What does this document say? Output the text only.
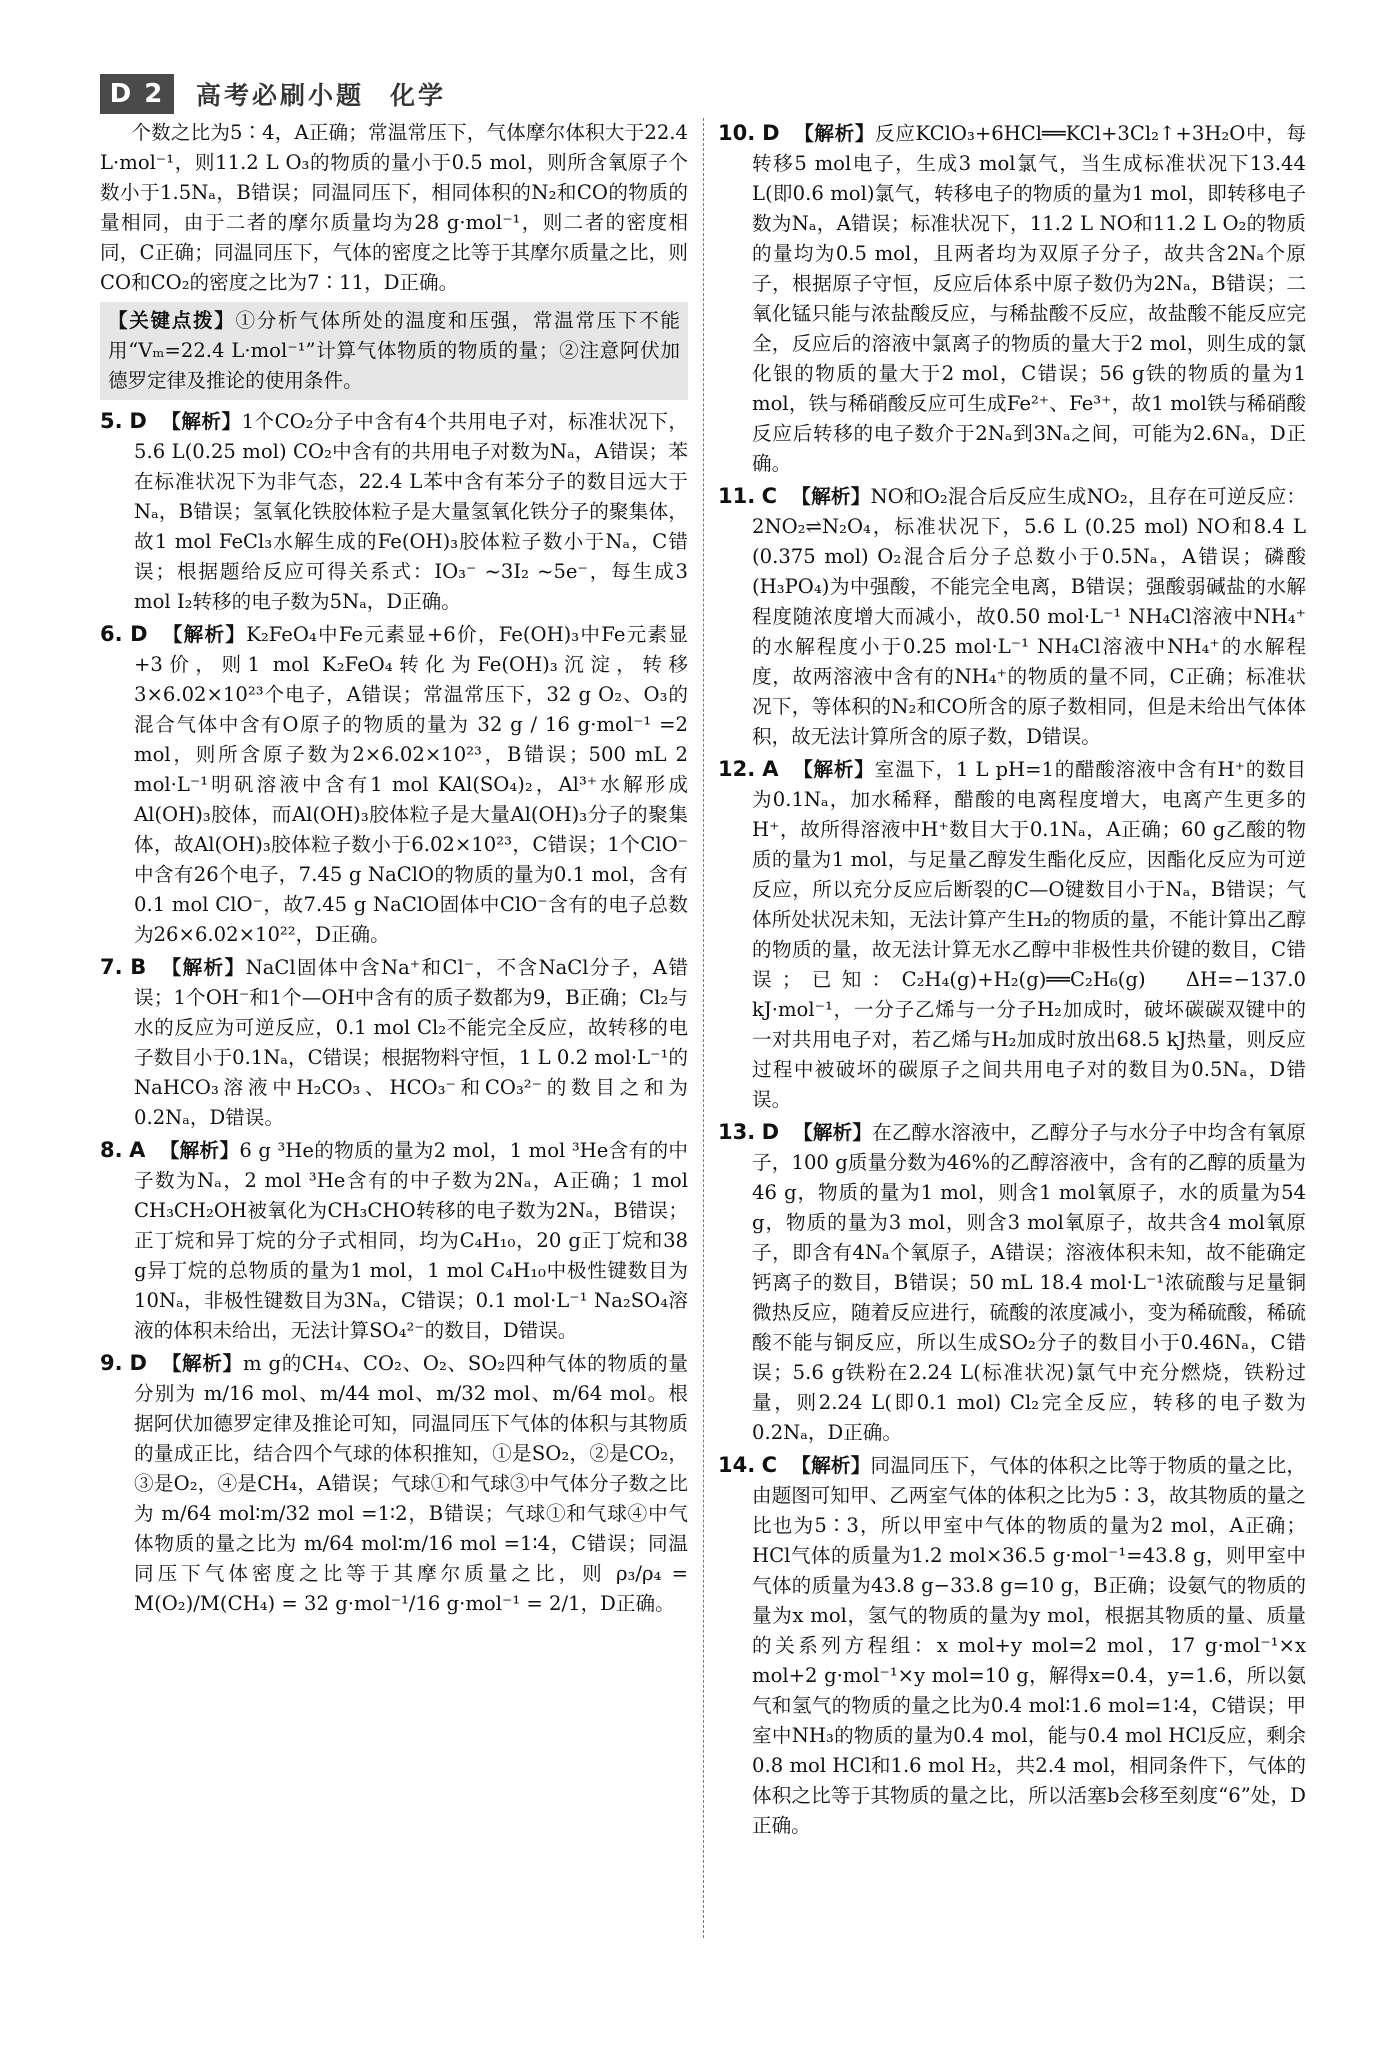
D 2	高考必刷小题 化学
个数之比为5∶4，A正确；常温常压下，气体摩尔体积大于22.4 L·mol⁻¹，则11.2 L O₃的物质的量小于0.5 mol，则所含氧原子个数小于1.5Nₐ，B错误；同温同压下，相同体积的N₂和CO的物质的量相同，由于二者的摩尔质量均为28 g·mol⁻¹，则二者的密度相同，C正确；同温同压下，气体的密度之比等于其摩尔质量之比，则CO和CO₂的密度之比为7∶11，D正确。
【关键点拨】①分析气体所处的温度和压强，常温常压下不能用“Vₘ=22.4 L·mol⁻¹”计算气体物质的物质的量；②注意阿伏加德罗定律及推论的使用条件。
5. D 【解析】1个CO₂分子中含有4个共用电子对，标准状况下，5.6 L(0.25 mol) CO₂中含有的共用电子对数为Nₐ，A错误；苯在标准状况下为非气态，22.4 L苯中含有苯分子的数目远大于Nₐ，B错误；氢氧化铁胶体粒子是大量氢氧化铁分子的聚集体，故1 mol FeCl₃水解生成的Fe(OH)₃胶体粒子数小于Nₐ，C错误；根据题给反应可得关系式：IO₃⁻ ~3I₂ ~5e⁻，每生成3 mol I₂转移的电子数为5Nₐ，D正确。
6. D 【解析】K₂FeO₄中Fe元素显+6价，Fe(OH)₃中Fe元素显+3价，则1 mol K₂FeO₄转化为Fe(OH)₃沉淀，转移3×6.02×10²³个电子，A错误；常温常压下，32 g O₂、O₃的混合气体中含有O原子的物质的量为 32 g / 16 g·mol⁻¹ =2 mol，则所含原子数为2×6.02×10²³，B错误；500 mL 2 mol·L⁻¹明矾溶液中含有1 mol KAl(SO₄)₂，Al³⁺水解形成Al(OH)₃胶体，而Al(OH)₃胶体粒子是大量Al(OH)₃分子的聚集体，故Al(OH)₃胶体粒子数小于6.02×10²³，C错误；1个ClO⁻中含有26个电子，7.45 g NaClO的物质的量为0.1 mol，含有0.1 mol ClO⁻，故7.45 g NaClO固体中ClO⁻含有的电子总数为26×6.02×10²²，D正确。
7. B 【解析】NaCl固体中含Na⁺和Cl⁻，不含NaCl分子，A错误；1个OH⁻和1个—OH中含有的质子数都为9，B正确；Cl₂与水的反应为可逆反应，0.1 mol Cl₂不能完全反应，故转移的电子数目小于0.1Nₐ，C错误；根据物料守恒，1 L 0.2 mol·L⁻¹的NaHCO₃溶液中H₂CO₃、HCO₃⁻和CO₃²⁻的数目之和为0.2Nₐ，D错误。
8. A 【解析】6 g ³He的物质的量为2 mol，1 mol ³He含有的中子数为Nₐ，2 mol ³He含有的中子数为2Nₐ，A正确；1 mol CH₃CH₂OH被氧化为CH₃CHO转移的电子数为2Nₐ，B错误；正丁烷和异丁烷的分子式相同，均为C₄H₁₀，20 g正丁烷和38 g异丁烷的总物质的量为1 mol，1 mol C₄H₁₀中极性键数目为10Nₐ，非极性键数目为3Nₐ，C错误；0.1 mol·L⁻¹ Na₂SO₄溶液的体积未给出，无法计算SO₄²⁻的数目，D错误。
9. D 【解析】m g的CH₄、CO₂、O₂、SO₂四种气体的物质的量分别为 m/16 mol、m/44 mol、m/32 mol、m/64 mol。根据阿伏加德罗定律及推论可知，同温同压下气体的体积与其物质的量成正比，结合四个气球的体积推知，①是SO₂，②是CO₂，③是O₂，④是CH₄，A错误；气球①和气球③中气体分子数之比为 m/64 mol∶m/32 mol =1∶2，B错误；气球①和气球④中气体物质的量之比为 m/64 mol∶m/16 mol =1∶4，C错误；同温同压下气体密度之比等于其摩尔质量之比，则 ρ₃/ρ₄ = M(O₂)/M(CH₄) = 32 g·mol⁻¹/16 g·mol⁻¹ = 2/1，D正确。
10. D 【解析】反应KClO₃+6HCl══KCl+3Cl₂↑+3H₂O中，每转移5 mol电子，生成3 mol氯气，当生成标准状况下13.44 L(即0.6 mol)氯气，转移电子的物质的量为1 mol，即转移电子数为Nₐ，A错误；标准状况下，11.2 L NO和11.2 L O₂的物质的量均为0.5 mol，且两者均为双原子分子，故共含2Nₐ个原子，根据原子守恒，反应后体系中原子数仍为2Nₐ，B错误；二氧化锰只能与浓盐酸反应，与稀盐酸不反应，故盐酸不能反应完全，反应后的溶液中氯离子的物质的量大于2 mol，则生成的氯化银的物质的量大于2 mol，C错误；56 g铁的物质的量为1 mol，铁与稀硝酸反应可生成Fe²⁺、Fe³⁺，故1 mol铁与稀硝酸反应后转移的电子数介于2Nₐ到3Nₐ之间，可能为2.6Nₐ，D正确。
11. C 【解析】NO和O₂混合后反应生成NO₂，且存在可逆反应：2NO₂⇌N₂O₄，标准状况下，5.6 L (0.25 mol) NO和8.4 L (0.375 mol) O₂混合后分子总数小于0.5Nₐ，A错误；磷酸(H₃PO₄)为中强酸，不能完全电离，B错误；强酸弱碱盐的水解程度随浓度增大而减小，故0.50 mol·L⁻¹ NH₄Cl溶液中NH₄⁺的水解程度小于0.25 mol·L⁻¹ NH₄Cl溶液中NH₄⁺的水解程度，故两溶液中含有的NH₄⁺的物质的量不同，C正确；标准状况下，等体积的N₂和CO所含的原子数相同，但是未给出气体体积，故无法计算所含的原子数，D错误。
12. A 【解析】室温下，1 L pH=1的醋酸溶液中含有H⁺的数目为0.1Nₐ，加水稀释，醋酸的电离程度增大，电离产生更多的H⁺，故所得溶液中H⁺数目大于0.1Nₐ，A正确；60 g乙酸的物质的量为1 mol，与足量乙醇发生酯化反应，因酯化反应为可逆反应，所以充分反应后断裂的C—O键数目小于Nₐ，B错误；气体所处状况未知，无法计算产生H₂的物质的量，不能计算出乙醇的物质的量，故无法计算无水乙醇中非极性共价键的数目，C错误；已知：C₂H₄(g)+H₂(g)══C₂H₆(g)　ΔH=−137.0 kJ·mol⁻¹，一分子乙烯与一分子H₂加成时，破坏碳碳双键中的一对共用电子对，若乙烯与H₂加成时放出68.5 kJ热量，则反应过程中被破坏的碳原子之间共用电子对的数目为0.5Nₐ，D错误。
13. D 【解析】在乙醇水溶液中，乙醇分子与水分子中均含有氧原子，100 g质量分数为46%的乙醇溶液中，含有的乙醇的质量为46 g，物质的量为1 mol，则含1 mol氧原子，水的质量为54 g，物质的量为3 mol，则含3 mol氧原子，故共含4 mol氧原子，即含有4Nₐ个氧原子，A错误；溶液体积未知，故不能确定钙离子的数目，B错误；50 mL 18.4 mol·L⁻¹浓硫酸与足量铜微热反应，随着反应进行，硫酸的浓度减小，变为稀硫酸，稀硫酸不能与铜反应，所以生成SO₂分子的数目小于0.46Nₐ，C错误；5.6 g铁粉在2.24 L(标准状况)氯气中充分燃烧，铁粉过量，则2.24 L(即0.1 mol) Cl₂完全反应，转移的电子数为0.2Nₐ，D正确。
14. C 【解析】同温同压下，气体的体积之比等于物质的量之比，由题图可知甲、乙两室气体的体积之比为5∶3，故其物质的量之比也为5∶3，所以甲室中气体的物质的量为2 mol，A正确；HCl气体的质量为1.2 mol×36.5 g·mol⁻¹=43.8 g，则甲室中气体的质量为43.8 g−33.8 g=10 g，B正确；设氨气的物质的量为x mol，氢气的物质的量为y mol，根据其物质的量、质量的关系列方程组：x mol+y mol=2 mol，17 g·mol⁻¹×x mol+2 g·mol⁻¹×y mol=10 g，解得x=0.4，y=1.6，所以氨气和氢气的物质的量之比为0.4 mol∶1.6 mol=1∶4，C错误；甲室中NH₃的物质的量为0.4 mol，能与0.4 mol HCl反应，剩余0.8 mol HCl和1.6 mol H₂，共2.4 mol，相同条件下，气体的体积之比等于其物质的量之比，所以活塞b会移至刻度“6”处，D正确。
